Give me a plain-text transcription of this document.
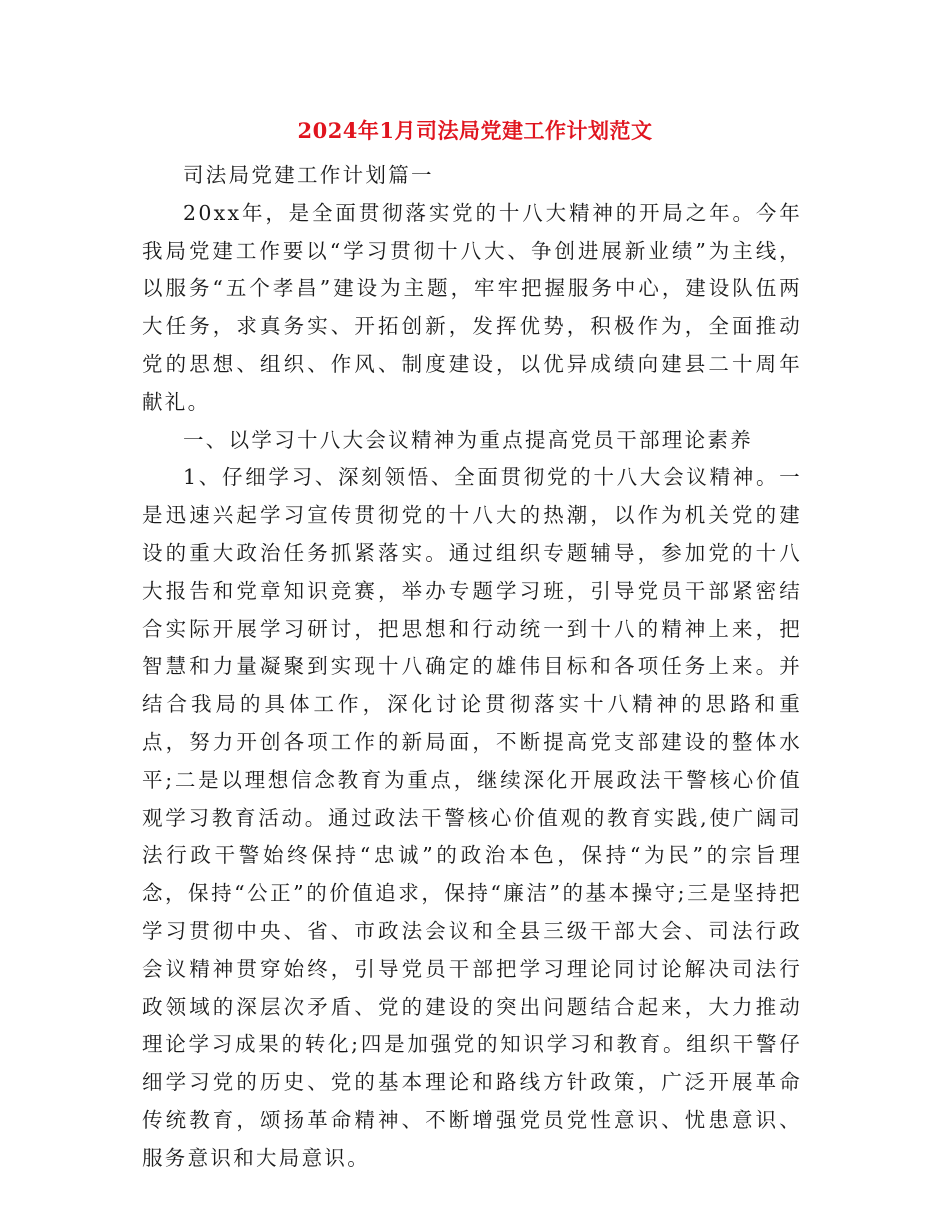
2024年1月司法局党建工作计划范文

司法局党建工作计划篇一

20xx年，是全面贯彻落实党的十八大精神的开局之年。今年我局党建工作要以“学习贯彻十八大、争创进展新业绩”为主线，以服务“五个孝昌”建设为主题，牢牢把握服务中心，建设队伍两大任务，求真务实、开拓创新，发挥优势，积极作为，全面推动党的思想、组织、作风、制度建设，以优异成绩向建县二十周年献礼。

一、以学习十八大会议精神为重点提高党员干部理论素养

1、仔细学习、深刻领悟、全面贯彻党的十八大会议精神。一是迅速兴起学习宣传贯彻党的十八大的热潮，以作为机关党的建设的重大政治任务抓紧落实。通过组织专题辅导，参加党的十八大报告和党章知识竞赛，举办专题学习班，引导党员干部紧密结合实际开展学习研讨，把思想和行动统一到十八的精神上来，把智慧和力量凝聚到实现十八确定的雄伟目标和各项任务上来。并结合我局的具体工作，深化讨论贯彻落实十八精神的思路和重点，努力开创各项工作的新局面，不断提高党支部建设的整体水平;二是以理想信念教育为重点，继续深化开展政法干警核心价值观学习教育活动。通过政法干警核心价值观的教育实践,使广阔司法行政干警始终保持“忠诚”的政治本色，保持“为民”的宗旨理念，保持“公正”的价值追求，保持“廉洁”的基本操守;三是坚持把学习贯彻中央、省、市政法会议和全县三级干部大会、司法行政会议精神贯穿始终，引导党员干部把学习理论同讨论解决司法行政领域的深层次矛盾、党的建设的突出问题结合起来，大力推动理论学习成果的转化;四是加强党的知识学习和教育。组织干警仔细学习党的历史、党的基本理论和路线方针政策，广泛开展革命传统教育，颂扬革命精神、不断增强党员党性意识、忧患意识、服务意识和大局意识。
